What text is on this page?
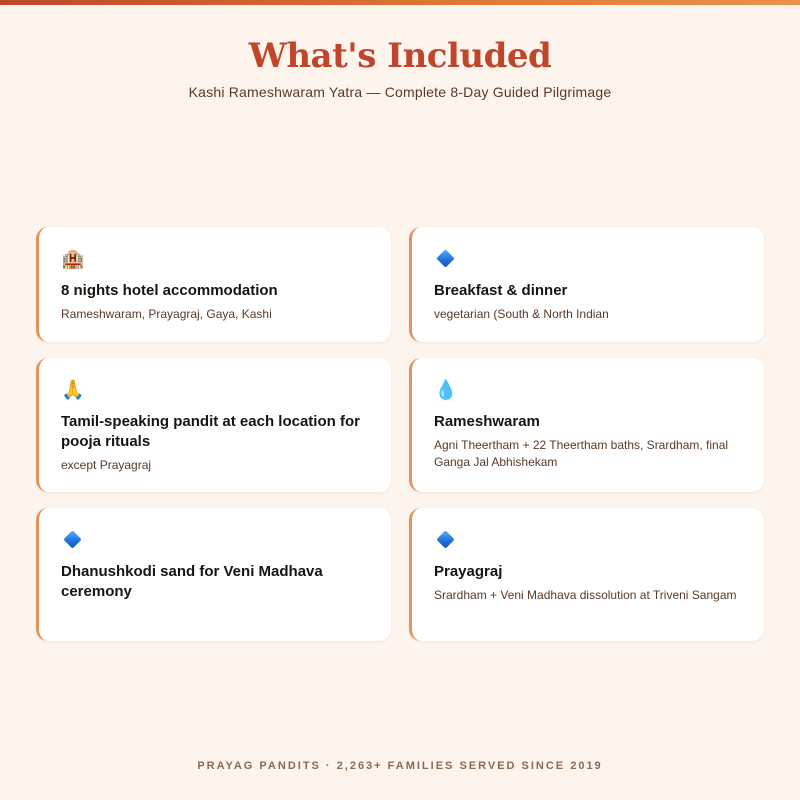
What's Included
Kashi Rameshwaram Yatra — Complete 8-Day Guided Pilgrimage
🏨
8 nights hotel accommodation
Rameshwaram, Prayagraj, Gaya, Kashi
Breakfast & dinner
vegetarian (South & North Indian
🙏
Tamil-speaking pandit at each location for pooja rituals
except Prayagraj
💧
Rameshwaram
Agni Theertham + 22 Theertham baths, Srardham, final Ganga Jal Abhishekam
Dhanushkodi sand for Veni Madhava ceremony
Prayagraj
Srardham + Veni Madhava dissolution at Triveni Sangam
PRAYAG PANDITS · 2,263+ FAMILIES SERVED SINCE 2019
